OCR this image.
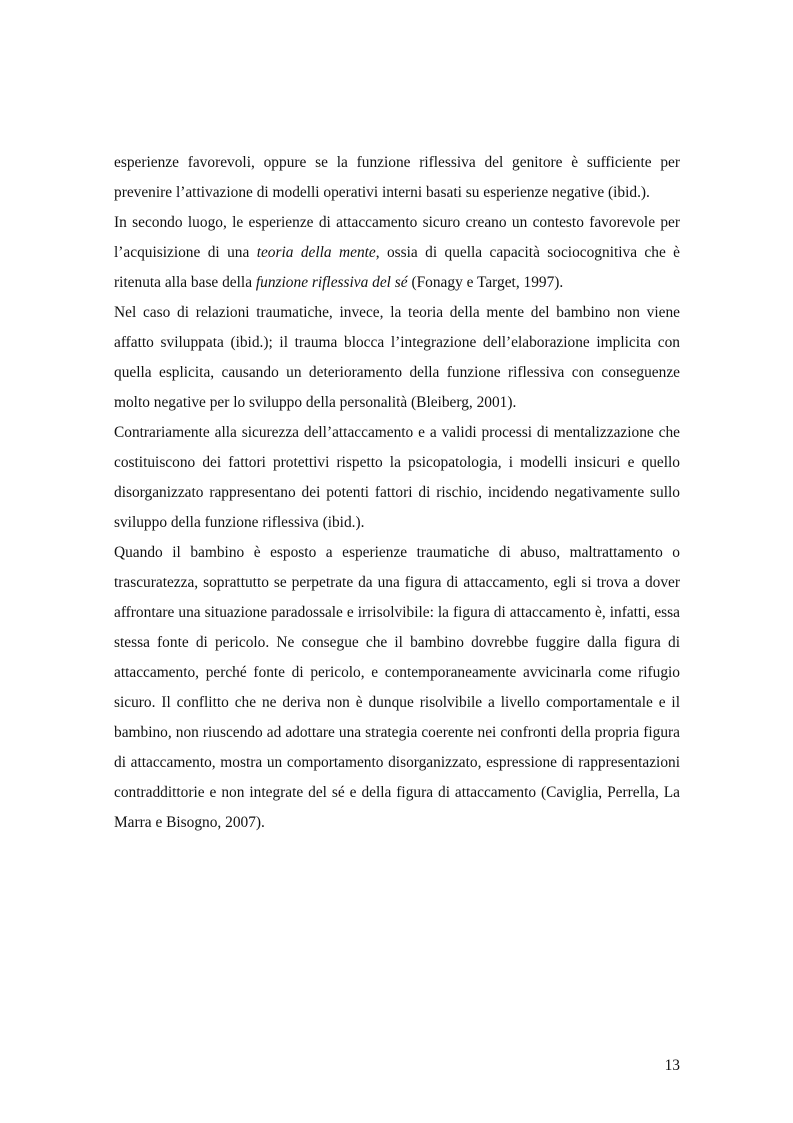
esperienze favorevoli, oppure se la funzione riflessiva del genitore è sufficiente per prevenire l’attivazione di modelli operativi interni basati su esperienze negative (ibid.).

In secondo luogo, le esperienze di attaccamento sicuro creano un contesto favorevole per l’acquisizione di una teoria della mente, ossia di quella capacità sociocognitiva che è ritenuta alla base della funzione riflessiva del sé (Fonagy e Target, 1997).

Nel caso di relazioni traumatiche, invece, la teoria della mente del bambino non viene affatto sviluppata (ibid.); il trauma blocca l’integrazione dell’elaborazione implicita con quella esplicita, causando un deterioramento della funzione riflessiva con conseguenze molto negative per lo sviluppo della personalità (Bleiberg, 2001).

Contrariamente alla sicurezza dell’attaccamento e a validi processi di mentalizzazione che costituiscono dei fattori protettivi rispetto la psicopatologia, i modelli insicuri e quello disorganizzato rappresentano dei potenti fattori di rischio, incidendo negativamente sullo sviluppo della funzione riflessiva (ibid.).

Quando il bambino è esposto a esperienze traumatiche di abuso, maltrattamento o trascuratezza, soprattutto se perpetrate da una figura di attaccamento, egli si trova a dover affrontare una situazione paradossale e irrisolvibile: la figura di attaccamento è, infatti, essa stessa fonte di pericolo. Ne consegue che il bambino dovrebbe fuggire dalla figura di attaccamento, perché fonte di pericolo, e contemporaneamente avvicinarla come rifugio sicuro. Il conflitto che ne deriva non è dunque risolvibile a livello comportamentale e il bambino, non riuscendo ad adottare una strategia coerente nei confronti della propria figura di attaccamento, mostra un comportamento disorganizzato, espressione di rappresentazioni contraddittorie e non integrate del sé e della figura di attaccamento (Caviglia, Perrella, La Marra e Bisogno, 2007).

13
